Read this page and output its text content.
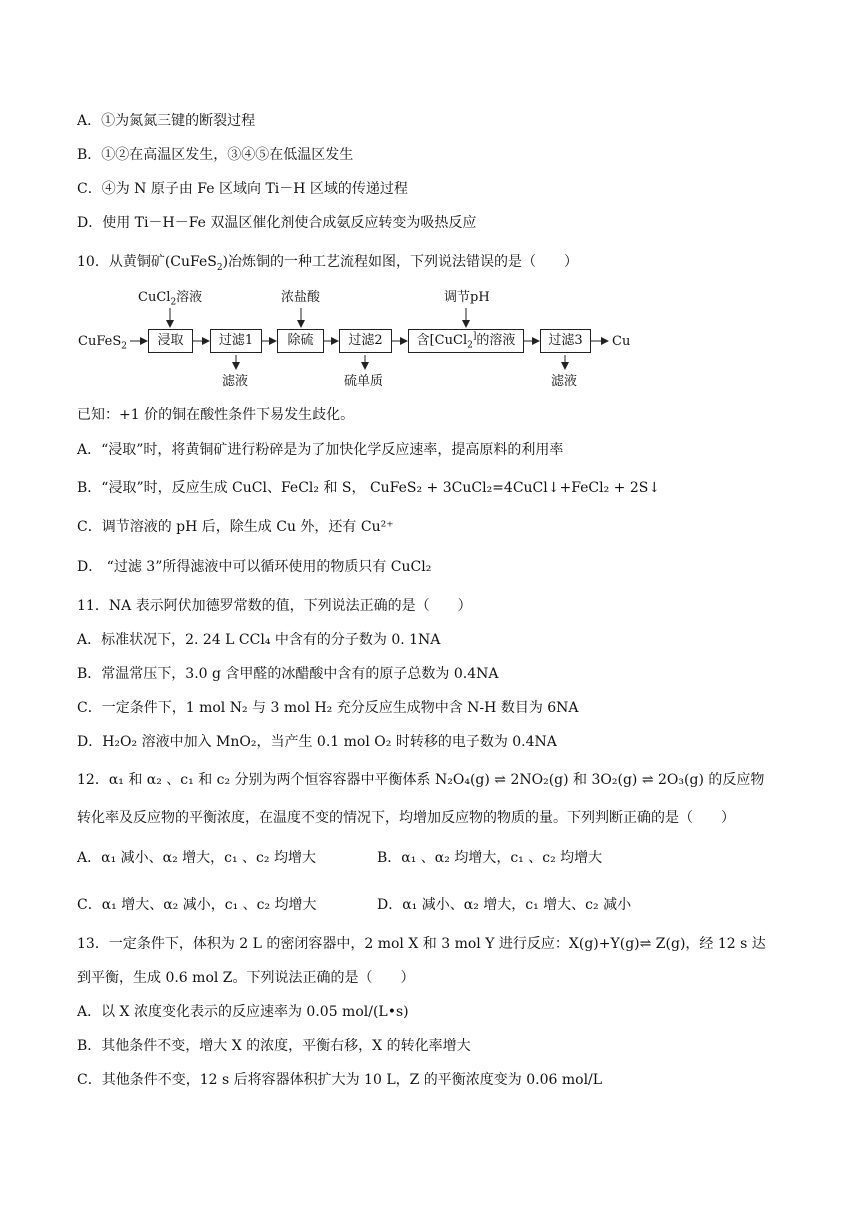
A．①为氮氮三键的断裂过程
B．①②在高温区发生，③④⑤在低温区发生
C．④为 N 原子由 Fe 区域向 Ti－H 区域的传递过程
D．使用 Ti－H－Fe 双温区催化剂使合成氨反应转变为吸热反应
10．从黄铜矿(CuFeS$_2$)冶炼铜的一种工艺流程如图，下列说法错误的是（　　）
CuFeS$_2$
CuCl$_2$溶液	浓盐酸	调节pH
浸取	过滤1	除硫	过滤2	含[CuCl$_2$]的溶液	过滤3	Cu
滤液	硫单质	滤液
已知：+1 价的铜在酸性条件下易发生歧化。
A．“浸取”时，将黄铜矿进行粉碎是为了加快化学反应速率，提高原料的利用率
B．“浸取”时，反应生成 CuCl、FeCl₂ 和 S， CuFeS₂ + 3CuCl₂=4CuCl↓+FeCl₂ + 2S↓
C．调节溶液的 pH 后，除生成 Cu 外，还有 Cu²⁺
D． “过滤 3”所得滤液中可以循环使用的物质只有 CuCl₂
11．NA 表示阿伏加德罗常数的值，下列说法正确的是（　　）
A．标准状况下，2. 24 L CCl₄ 中含有的分子数为 0. 1NA
B．常温常压下，3.0 g 含甲醛的冰醋酸中含有的原子总数为 0.4NA
C．一定条件下，1 mol N₂ 与 3 mol H₂ 充分反应生成物中含 N-H 数目为 6NA
D．H₂O₂ 溶液中加入 MnO₂，当产生 0.1 mol O₂ 时转移的电子数为 0.4NA
12．α₁ 和 α₂ 、c₁ 和 c₂ 分别为两个恒容容器中平衡体系 N₂O₄(g) ⇌ 2NO₂(g) 和 3O₂(g) ⇌ 2O₃(g) 的反应物
转化率及反应物的平衡浓度，在温度不变的情况下，均增加反应物的物质的量。下列判断正确的是（　　）
A．α₁ 减小、α₂ 增大，c₁ 、c₂ 均增大	B．α₁ 、α₂ 均增大，c₁ 、c₂ 均增大
C．α₁ 增大、α₂ 减小，c₁ 、c₂ 均增大	D．α₁ 减小、α₂ 增大，c₁ 增大、c₂ 减小
13．一定条件下，体积为 2 L 的密闭容器中，2 mol X 和 3 mol Y 进行反应：X(g)+Y(g)⇌ Z(g)，经 12 s 达
到平衡，生成 0.6 mol Z。下列说法正确的是（　　）
A．以 X 浓度变化表示的反应速率为 0.05 mol/(L•s)
B．其他条件不变，增大 X 的浓度，平衡右移，X 的转化率增大
C．其他条件不变，12 s 后将容器体积扩大为 10 L，Z 的平衡浓度变为 0.06 mol/L
